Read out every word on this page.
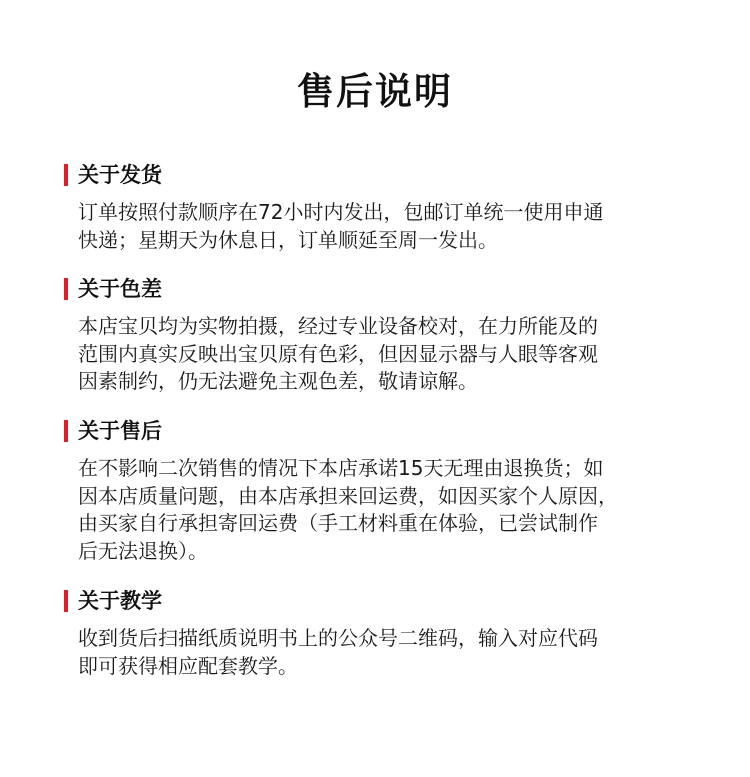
售后说明
关于发货
订单按照付款顺序在72小时内发出，包邮订单统一使用申通
快递；星期天为休息日，订单顺延至周一发出。
关于色差
本店宝贝均为实物拍摄，经过专业设备校对，在力所能及的
范围内真实反映出宝贝原有色彩，但因显示器与人眼等客观
因素制约，仍无法避免主观色差，敬请谅解。
关于售后
在不影响二次销售的情况下本店承诺15天无理由退换货；如
因本店质量问题，由本店承担来回运费，如因买家个人原因，
由买家自行承担寄回运费（手工材料重在体验，已尝试制作
后无法退换）。
关于教学
收到货后扫描纸质说明书上的公众号二维码，输入对应代码
即可获得相应配套教学。
